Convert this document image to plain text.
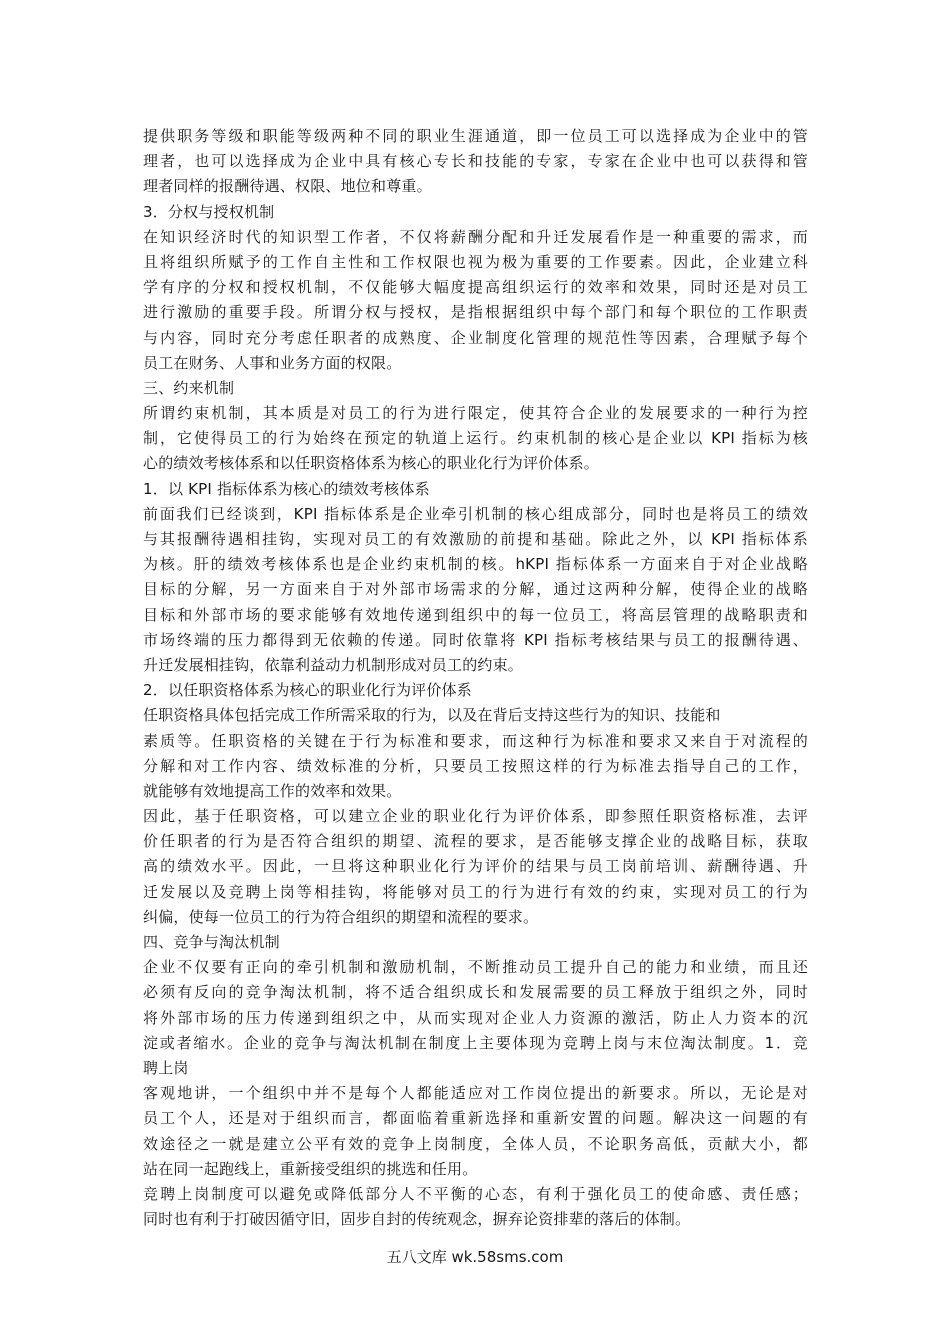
提供职务等级和职能等级两种不同的职业生涯通道，即一位员工可以选择成为企业中的管
理者，也可以选择成为企业中具有核心专长和技能的专家，专家在企业中也可以获得和管
理者同样的报酬待遇、权限、地位和尊重。
3．分权与授权机制
在知识经济时代的知识型工作者，不仅将薪酬分配和升迁发展看作是一种重要的需求，而
且将组织所赋予的工作自主性和工作权限也视为极为重要的工作要素。因此，企业建立科
学有序的分权和授权机制，不仅能够大幅度提高组织运行的效率和效果，同时还是对员工
进行激励的重要手段。所谓分权与授权，是指根据组织中每个部门和每个职位的工作职责
与内容，同时充分考虑任职者的成熟度、企业制度化管理的规范性等因素，合理赋予每个
员工在财务、人事和业务方面的权限。
三、约来机制
所谓约束机制，其本质是对员工的行为进行限定，使其符合企业的发展要求的一种行为控
制，它使得员工的行为始终在预定的轨道上运行。约束机制的核心是企业以 KPI 指标为核
心的绩效考核体系和以任职资格体系为核心的职业化行为评价体系。
1．以 KPI 指标体系为核心的绩效考核体系
前面我们已经谈到，KPI 指标体系是企业牵引机制的核心组成部分，同时也是将员工的绩效
与其报酬待遇相挂钩，实现对员工的有效激励的前提和基础。除此之外，以 KPI 指标体系
为核。肝的绩效考核体系也是企业约束机制的核。hKPI 指标体系一方面来自于对企业战略
目标的分解，另一方面来自于对外部市场需求的分解，通过这两种分解，使得企业的战略
目标和外部市场的要求能够有效地传递到组织中的每一位员工，将高层管理的战略职责和
市场终端的压力都得到无依赖的传递。同时依靠将 KPI 指标考核结果与员工的报酬待遇、
升迁发展相挂钩，依靠利益动力机制形成对员工的约束。
2．以任职资格体系为核心的职业化行为评价体系
任职资格具体包括完成工作所需采取的行为，以及在背后支持这些行为的知识、技能和
素质等。任职资格的关键在于行为标准和要求，而这种行为标准和要求又来自于对流程的
分解和对工作内容、绩效标准的分析，只要员工按照这样的行为标准去指导自己的工作，
就能够有效地提高工作的效率和效果。
因此，基于任职资格，可以建立企业的职业化行为评价体系，即参照任职资格标准，去评
价任职者的行为是否符合组织的期望、流程的要求，是否能够支撑企业的战略目标，获取
高的绩效水平。因此，一旦将这种职业化行为评价的结果与员工岗前培训、薪酬待遇、升
迁发展以及竞聘上岗等相挂钩，将能够对员工的行为进行有效的约束，实现对员工的行为
纠偏，使每一位员工的行为符合组织的期望和流程的要求。
四、竞争与淘汰机制
企业不仅要有正向的牵引机制和激励机制，不断推动员工提升自己的能力和业绩，而且还
必须有反向的竞争淘汰机制，将不适合组织成长和发展需要的员工释放于组织之外，同时
将外部市场的压力传递到组织之中，从而实现对企业人力资源的激活，防止人力资本的沉
淀或者缩水。企业的竞争与淘汰机制在制度上主要体现为竞聘上岗与末位淘汰制度。1．竞
聘上岗
客观地讲，一个组织中并不是每个人都能适应对工作岗位提出的新要求。所以，无论是对
员工个人，还是对于组织而言，都面临着重新选择和重新安置的问题。解决这一问题的有
效途径之一就是建立公平有效的竞争上岗制度，全体人员，不论职务高低，贡献大小，都
站在同一起跑线上，重新接受组织的挑选和任用。
竞聘上岗制度可以避免或降低部分人不平衡的心态，有利于强化员工的使命感、责任感；
同时也有利于打破因循守旧，固步自封的传统观念，摒弃论资排辈的落后的体制。
五八文库 wk.58sms.com
